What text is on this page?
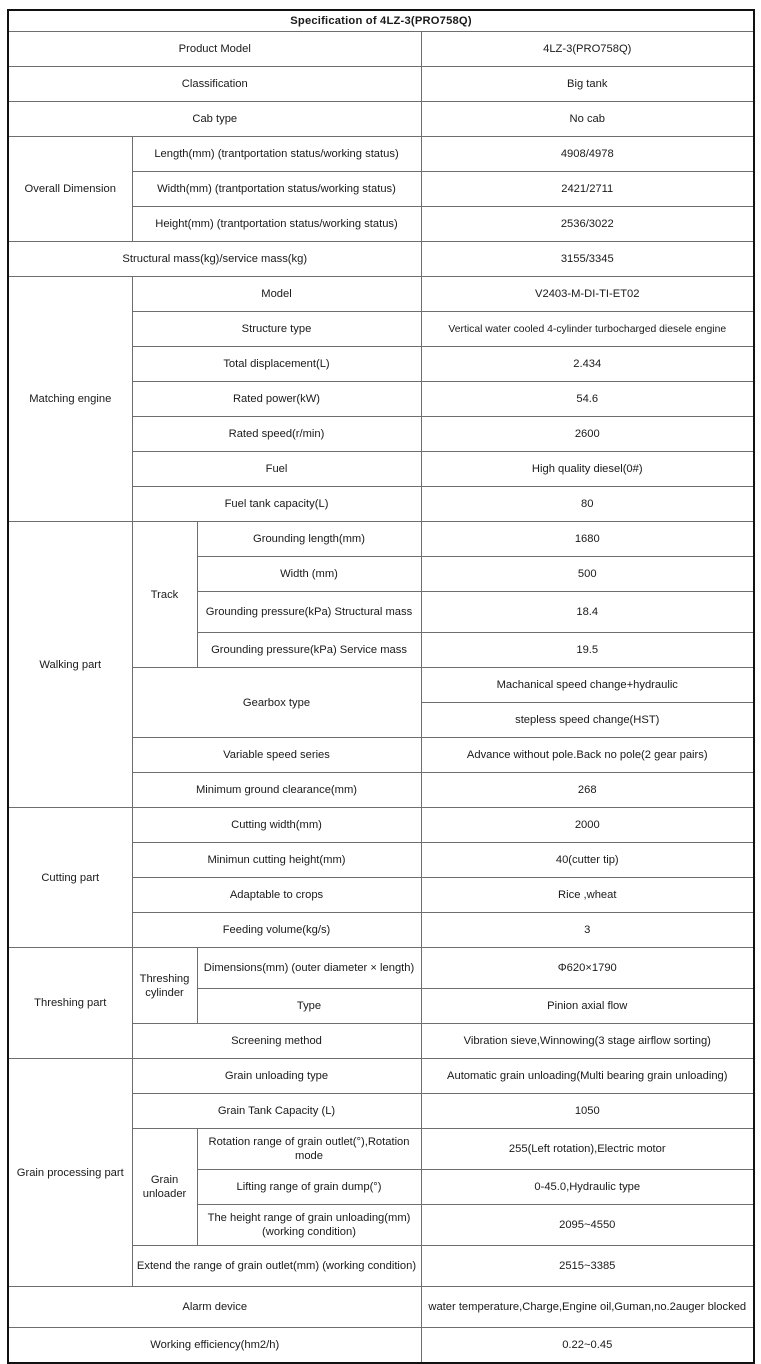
Specification of 4LZ-3(PRO758Q)			
Product Model			4LZ-3(PRO758Q)
Classification			Big tank
Cab type			No cab
Overall Dimension	Length(mm) (trantportation status/working status)		4908/4978
	Width(mm) (trantportation status/working status)		2421/2711
	Height(mm) (trantportation status/working status)		2536/3022
Structural mass(kg)/service mass(kg)			3155/3345
Matching engine	Model		V2403-M-DI-TI-ET02
	Structure type		Vertical water cooled 4-cylinder turbocharged diesele engine
	Total displacement(L)		2.434
	Rated power(kW)		54.6
	Rated speed(r/min)		2600
	Fuel		High quality diesel(0#)
	Fuel tank capacity(L)		80
Walking part	Track	Grounding length(mm)	1680
		Width (mm)	500
		Grounding pressure(kPa) Structural mass	18.4
		Grounding pressure(kPa) Service mass	19.5
	Gearbox type		Machanical speed change+hydraulic
			stepless speed change(HST)
	Variable speed series		Advance without pole.Back no pole(2 gear pairs)
	Minimum ground clearance(mm)		268
Cutting part	Cutting width(mm)		2000
	Minimun cutting height(mm)		40(cutter tip)
	Adaptable to crops		Rice ,wheat
	Feeding volume(kg/s)		3
Threshing part	Threshing cylinder	Dimensions(mm) (outer diameter × length)	Φ620×1790
		Type	Pinion axial flow
	Screening method		Vibration sieve,Winnowing(3 stage airflow sorting)
Grain processing part	Grain unloading type		Automatic grain unloading(Multi bearing grain unloading)
	Grain Tank Capacity (L)		1050
	Grain unloader	Rotation range of grain outlet(°),Rotation mode	255(Left rotation),Electric motor
		Lifting range of grain dump(°)	0-45.0,Hydraulic type
		The height range of grain unloading(mm) (working condition)	2095~4550
	Extend the range of grain outlet(mm) (working condition)		2515~3385
Alarm device			water temperature,Charge,Engine oil,Guman,no.2auger blocked
Working efficiency(hm2/h)			0.22~0.45
